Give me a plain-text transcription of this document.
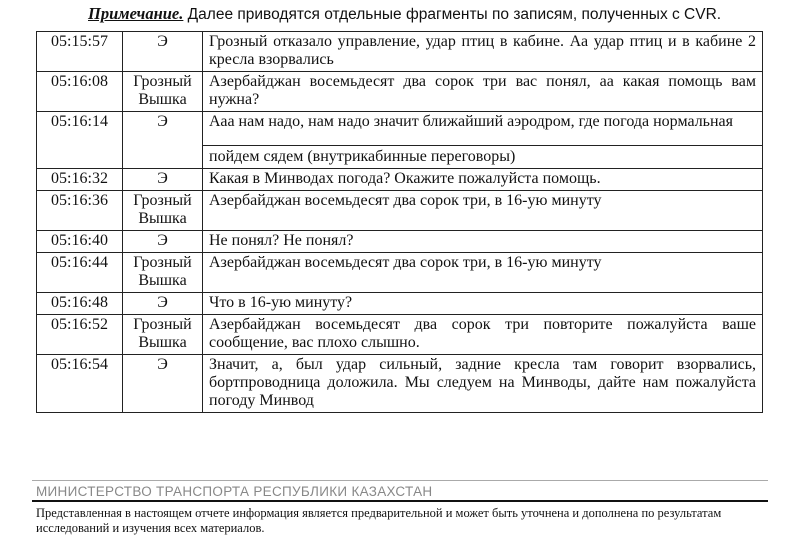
Примечание. Далее приводятся отдельные фрагменты по записям, полученных с CVR.
05:15:57	Э	Грозный отказало управление, удар птиц в кабине. Аа удар птиц и в кабине 2 кресла взорвались
05:16:08	Грозный Вышка	Азербайджан восемьдесят два сорок три вас понял, аа какая помощь вам нужна?
05:16:14	Э	Ааа нам надо, нам надо значит ближайший аэродром, где погода нормальная
пойдем сядем (внутрикабинные переговоры)

05:16:32	Э	Какая в Минводах погода? Окажите пожалуйста помощь.
05:16:36	Грозный Вышка	Азербайджан восемьдесят два сорок три, в 16-ую минуту
05:16:40	Э	Не понял? Не понял?
05:16:44	Грозный Вышка	Азербайджан восемьдесят два сорок три, в 16-ую минуту
05:16:48	Э	Что в 16-ую минуту?
05:16:52	Грозный Вышка	Азербайджан восемьдесят два сорок три повторите пожалуйста ваше сообщение, вас плохо слышно.
05:16:54	Э	Значит, а, был удар сильный, задние кресла там говорит взорвались, бортпроводница доложила. Мы следуем на Минводы, дайте нам пожалуйста погоду Минвод
МИНИСТЕРСТВО ТРАНСПОРТА РЕСПУБЛИКИ КАЗАХСТАН
Представленная в настоящем отчете информация является предварительной и может быть уточнена и дополнена по результатам исследований и изучения всех материалов.
